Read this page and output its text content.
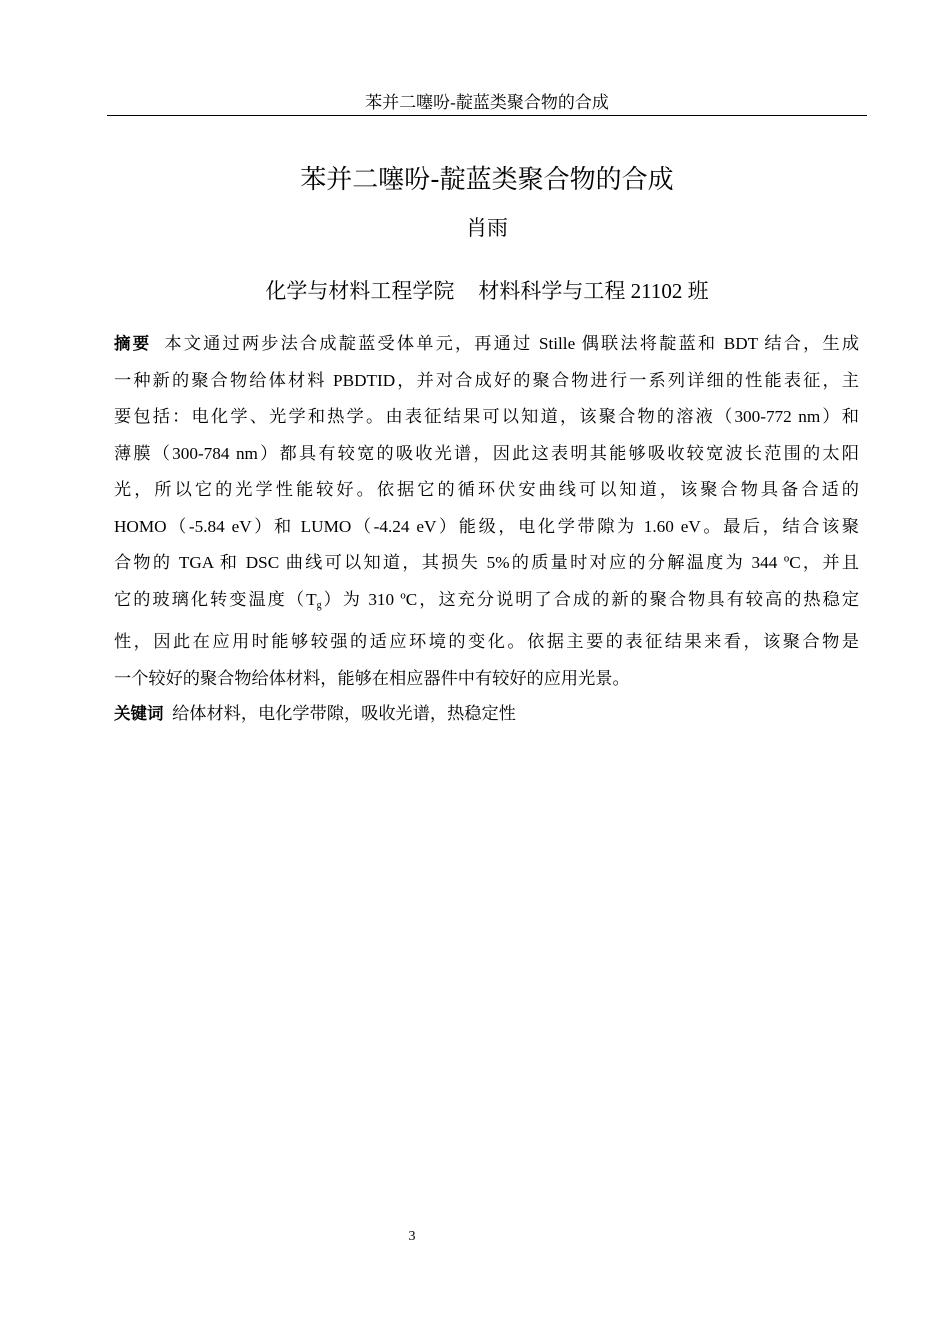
苯并二噻吩-靛蓝类聚合物的合成
苯并二噻吩-靛蓝类聚合物的合成
肖雨
化学与材料工程学院 材料科学与工程 21102 班
摘要 本文通过两步法合成靛蓝受体单元，再通过 Stille 偶联法将靛蓝和 BDT 结合，生成
一种新的聚合物给体材料 PBDTID，并对合成好的聚合物进行一系列详细的性能表征，主
要包括：电化学、光学和热学。由表征结果可以知道，该聚合物的溶液（300-772 nm）和
薄膜（300-784 nm）都具有较宽的吸收光谱，因此这表明其能够吸收较宽波长范围的太阳
光，所以它的光学性能较好。依据它的循环伏安曲线可以知道，该聚合物具备合适的
HOMO（-5.84 eV）和 LUMO（-4.24 eV）能级，电化学带隙为 1.60 eV。最后，结合该聚
合物的 TGA 和 DSC 曲线可以知道，其损失 5%的质量时对应的分解温度为 344 ºC，并且
它的玻璃化转变温度$(T_g)$为 310 ºC，这充分说明了合成的新的聚合物具有较高的热稳定
性，因此在应用时能够较强的适应环境的变化。依据主要的表征结果来看，该聚合物是
一个较好的聚合物给体材料，能够在相应器件中有较好的应用光景。
关键词 给体材料，电化学带隙，吸收光谱，热稳定性
3
